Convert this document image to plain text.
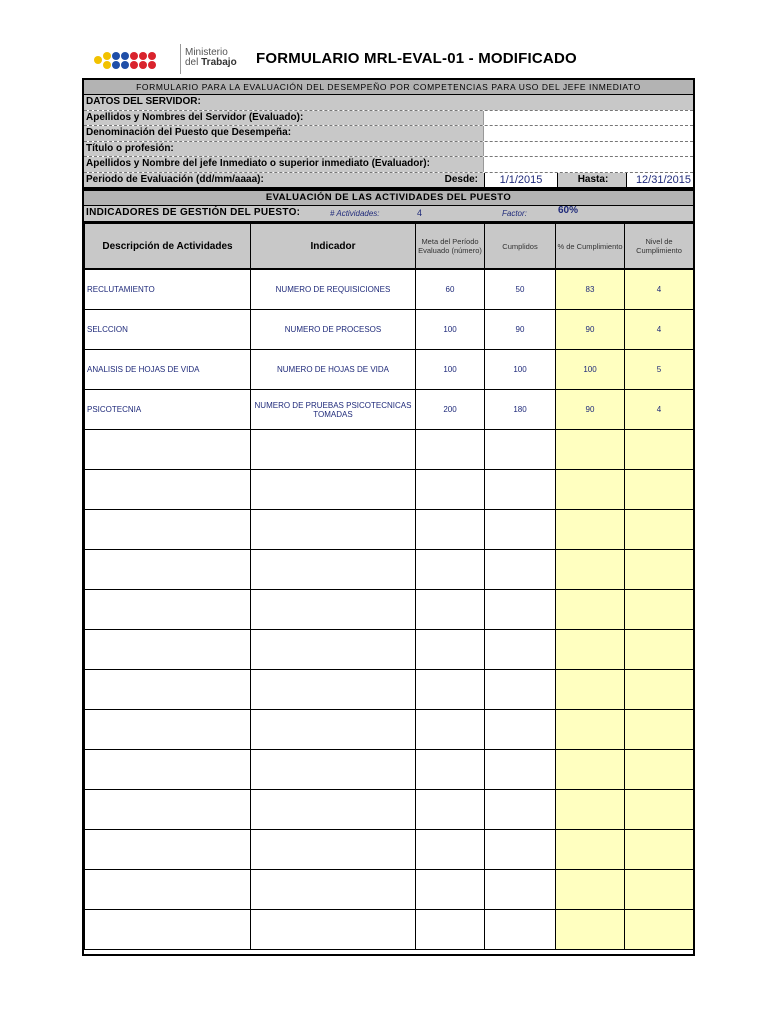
Ministerio
del Trabajo FORMULARIO MRL-EVAL-01 - MODIFICADO
FORMULARIO PARA LA EVALUACIÓN DEL DESEMPEÑO POR COMPETENCIAS PARA USO DEL JEFE INMEDIATO
DATOS DEL SERVIDOR:
Apellidos y Nombres del Servidor (Evaluado):
Denominación del Puesto que Desempeña:
Título o profesión:
Apellidos y Nombre del jefe Inmediato o superior inmediato (Evaluador):
Periodo de Evaluación (dd/mm/aaaa):	Desde:	1/1/2015	Hasta:	12/31/2015
EVALUACIÓN DE LAS ACTIVIDADES DEL PUESTO
INDICADORES DE GESTIÓN DEL PUESTO:	# Actividades:	4	Factor:	60%
Descripción de Actividades	Indicador	Meta del Período Evaluado (número)	Cumplidos	% de Cumplimiento	Nivel de Cumplimiento
RECLUTAMIENTO	NUMERO DE REQUISICIONES	60	50	83	4
SELCCION	NUMERO DE PROCESOS	100	90	90	4
ANALISIS DE HOJAS DE VIDA	NUMERO DE HOJAS DE VIDA	100	100	100	5
PSICOTECNIA	NUMERO DE PRUEBAS PSICOTECNICAS TOMADAS	200	180	90	4
